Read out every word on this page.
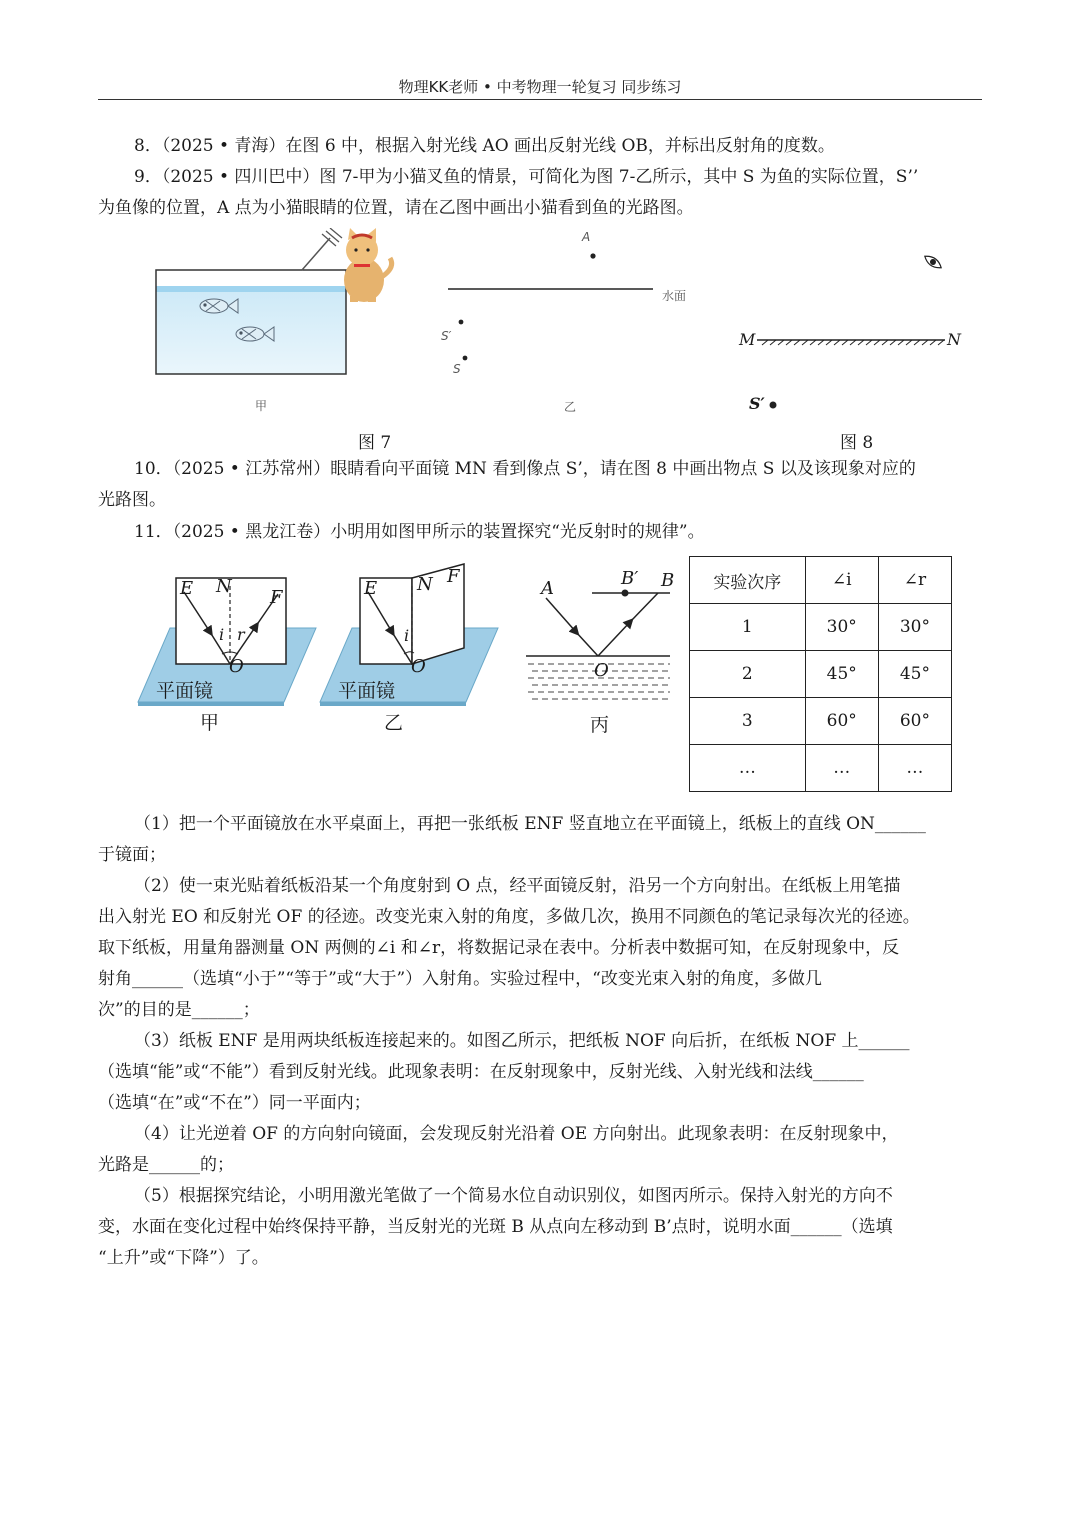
物理KK老师 • 中考物理一轮复习 同步练习
8．（2025 • 青海）在图 6 中，根据入射光线 AO 画出反射光线 OB，并标出反射角的度数。
9．（2025 • 四川巴中）图 7-甲为小猫叉鱼的情景，可简化为图 7-乙所示，其中 S 为鱼的实际位置，S’’
为鱼像的位置，A 点为小猫眼睛的位置，请在乙图中画出小猫看到鱼的光路图。
A
水面
S′
S
甲	乙
M	N
S′
图 7	图 8
10．（2025 • 江苏常州）眼睛看向平面镜 MN 看到像点 S’，请在图 8 中画出物点 S 以及该现象对应的
光路图。
11．（2025 • 黑龙江卷）小明用如图甲所示的装置探究“光反射时的规律”。
E N
F
i r
O
平面镜
甲
E N F
i
O
平面镜
乙
A	B′ B
O
丙
实验次序	∠i	∠r
1	30°	30°
2	45°	45°
3	60°	60°
…	…	…
（1）把一个平面镜放在水平桌面上，再把一张纸板 ENF 竖直地立在平面镜上，纸板上的直线 ON______
于镜面；
（2）使一束光贴着纸板沿某一个角度射到 O 点，经平面镜反射，沿另一个方向射出。在纸板上用笔描
出入射光 EO 和反射光 OF 的径迹。改变光束入射的角度，多做几次，换用不同颜色的笔记录每次光的径迹。
取下纸板，用量角器测量 ON 两侧的∠i 和∠r，将数据记录在表中。分析表中数据可知，在反射现象中，反
射角______（选填“小于”“等于”或“大于”）入射角。实验过程中，“改变光束入射的角度，多做几
次”的目的是______；
（3）纸板 ENF 是用两块纸板连接起来的。如图乙所示，把纸板 NOF 向后折，在纸板 NOF 上______
（选填“能”或“不能”）看到反射光线。此现象表明：在反射现象中，反射光线、入射光线和法线______
（选填“在”或“不在”）同一平面内；
（4）让光逆着 OF 的方向射向镜面，会发现反射光沿着 OE 方向射出。此现象表明：在反射现象中，
光路是______的；
（5）根据探究结论，小明用激光笔做了一个简易水位自动识别仪，如图丙所示。保持入射光的方向不
变，水面在变化过程中始终保持平静，当反射光的光斑 B 从点向左移动到 B’点时，说明水面______（选填
“上升”或“下降”）了。
